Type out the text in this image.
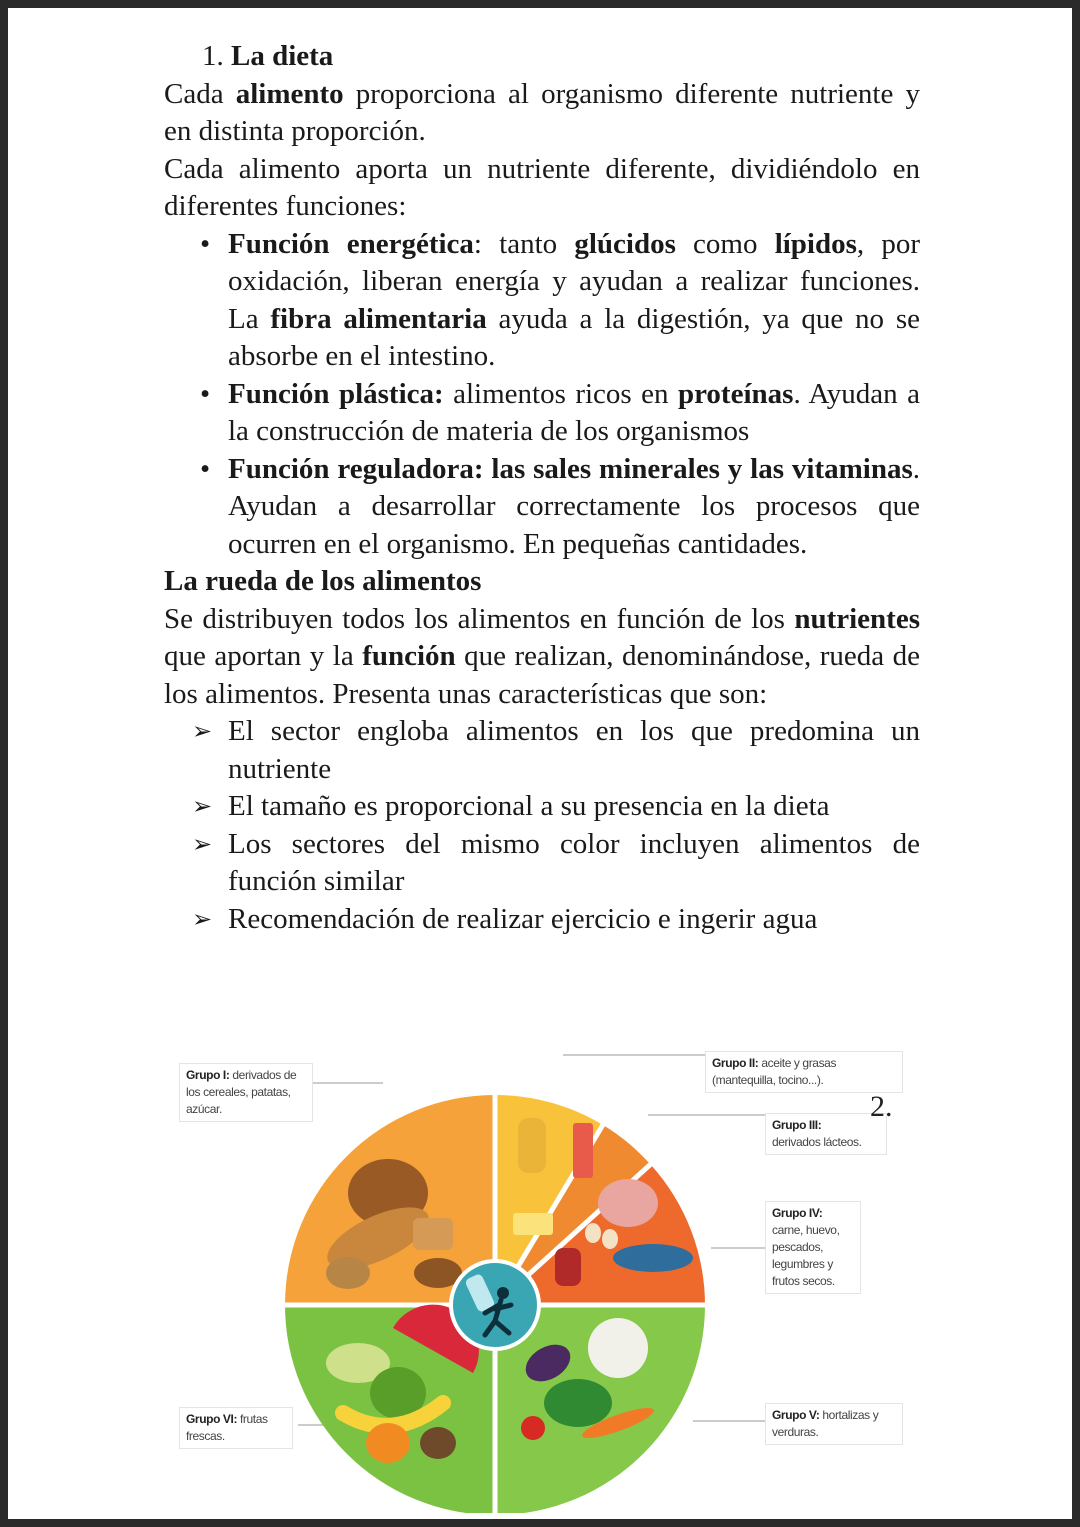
1. La dieta

Cada alimento proporciona al organismo diferente nutriente y en distinta proporción.

Cada alimento aporta un nutriente diferente, dividiéndolo en diferentes funciones:

• Función energética: tanto glúcidos como lípidos, por oxidación, liberan energía y ayudan a realizar funciones. La fibra alimentaria ayuda a la digestión, ya que no se absorbe en el intestino.
• Función plástica: alimentos ricos en proteínas. Ayudan a la construcción de materia de los organismos
• Función reguladora: las sales minerales y las vitaminas. Ayudan a desarrollar correctamente los procesos que ocurren en el organismo. En pequeñas cantidades.

La rueda de los alimentos

Se distribuyen todos los alimentos en función de los nutrientes que aportan y la función que realizan, denominándose, rueda de los alimentos. Presenta unas características que son:

➢ El sector engloba alimentos en los que predomina un nutriente
➢ El tamaño es proporcional a su presencia en la dieta
➢ Los sectores del mismo color incluyen alimentos de función similar
➢ Recomendación de realizar ejercicio e ingerir agua
Grupo I: derivados de los cereales, patatas, azúcar.
Grupo II: aceite y grasas (mantequilla, tocino...).
Grupo III:
derivados lácteos.
Grupo IV:
carne, huevo, pescados, legumbres y frutos secos.
Grupo V: hortalizas y verduras.
Grupo VI: frutas frescas.
2.
